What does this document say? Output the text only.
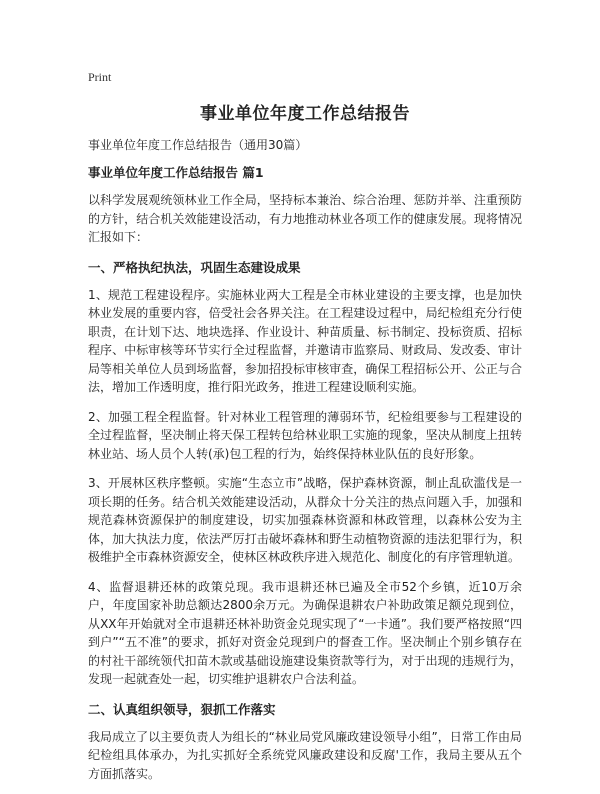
Print
事业单位年度工作总结报告
事业单位年度工作总结报告（通用30篇）
事业单位年度工作总结报告 篇1

以科学发展观统领林业工作全局，坚持标本兼治、综合治理、惩防并举、注重预防的方针，结合机关效能建设活动，有力地推动林业各项工作的健康发展。现将情况汇报如下：

一、严格执纪执法，巩固生态建设成果

1、规范工程建设程序。实施林业两大工程是全市林业建设的主要支撑，也是加快林业发展的重要内容，倍受社会各界关注。在工程建设过程中，局纪检组充分行使职责，在计划下达、地块选择、作业设计、种苗质量、标书制定、投标资质、招标程序、中标审核等环节实行全过程监督，并邀请市监察局、财政局、发改委、审计局等相关单位人员到场监督，参加招投标审核审查，确保工程招标公开、公正与合法，增加工作透明度，推行阳光政务，推进工程建设顺利实施。

2、加强工程全程监督。针对林业工程管理的薄弱环节，纪检组要参与工程建设的全过程监督，坚决制止将天保工程转包给林业职工实施的现象，坚决从制度上扭转林业站、场人员个人转(承)包工程的行为，始终保持林业队伍的良好形象。

3、开展林区秩序整顿。实施“生态立市”战略，保护森林资源，制止乱砍滥伐是一项长期的任务。结合机关效能建设活动，从群众十分关注的热点问题入手，加强和规范森林资源保护的制度建设，切实加强森林资源和林政管理，以森林公安为主体，加大执法力度，依法严厉打击破坏森林和野生动植物资源的违法犯罪行为，积极维护全市森林资源安全，使林区林政秩序进入规范化、制度化的有序管理轨道。

4、监督退耕还林的政策兑现。我市退耕还林已遍及全市52个乡镇，近10万余户，年度国家补助总额达2800余万元。为确保退耕农户补助政策足额兑现到位，从XX年开始就对全市退耕还林补助资金兑现实现了“一卡通”。我们要严格按照“四到户”“五不准”的要求，抓好对资金兑现到户的督查工作。坚决制止个别乡镇存在的村社干部统领代扣苗木款或基础设施建设集资款等行为，对于出现的违规行为，发现一起就查处一起，切实维护退耕农户合法利益。

二、认真组织领导，狠抓工作落实

我局成立了以主要负责人为组长的“林业局党风廉政建设领导小组”，日常工作由局纪检组具体承办，为扎实抓好全系统党风廉政建设和反腐'工作，我局主要从五个方面抓落实。
